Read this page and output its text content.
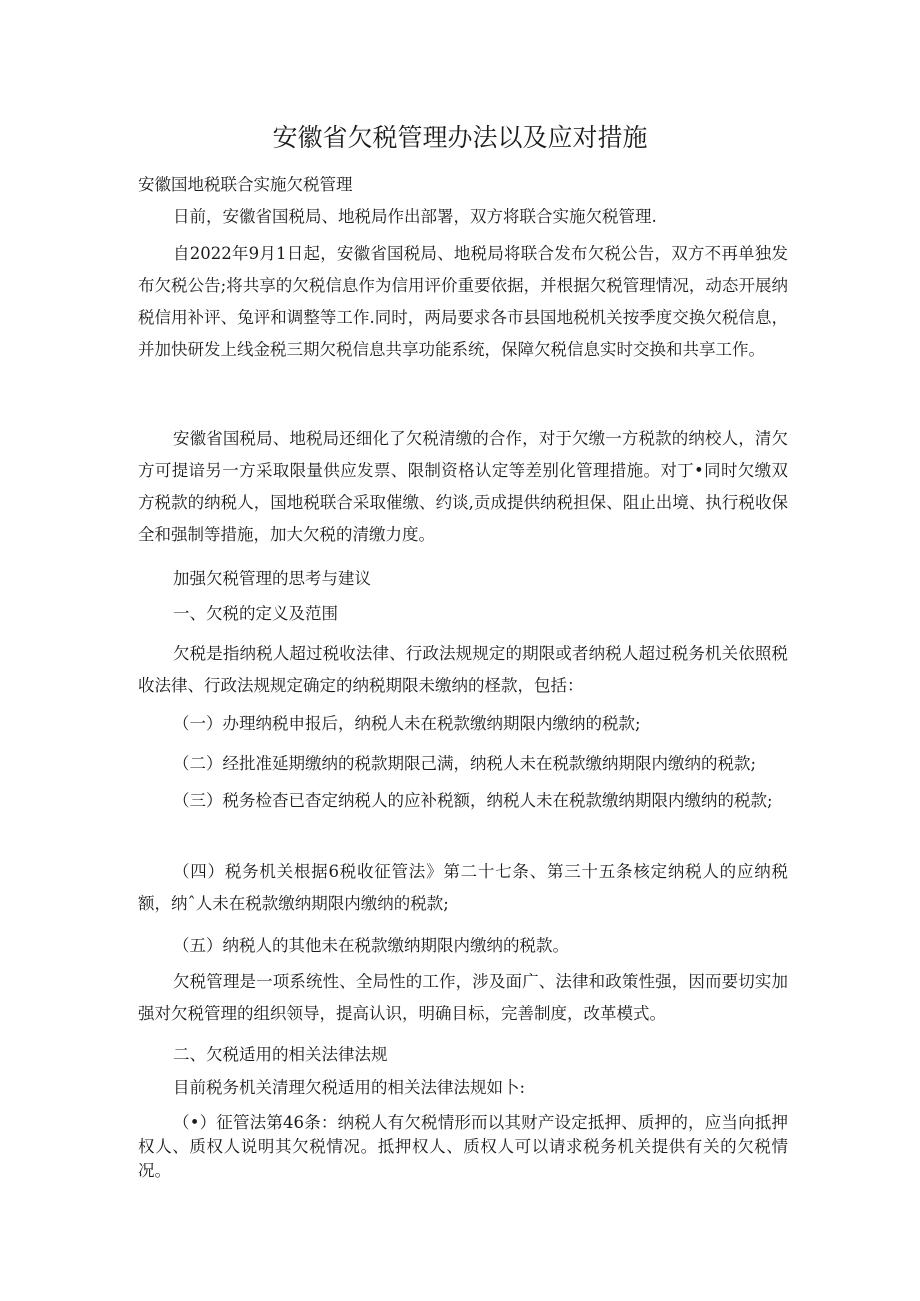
安徽省欠税管理办法以及应对措施

安徽国地税联合实施欠税管理

日前，安徽省国税局、地税局作出部署，双方将联合实施欠税管理.

自2022年9月1日起，安徽省国税局、地税局将联合发布欠税公告，双方不再单独发布欠税公告;将共享的欠税信息作为信用评价重要依据，并根据欠税管理情况，动态开展纳税信用补评、兔评和调整等工作.同时，两局要求各市县国地税机关按季度交换欠税信息，并加快研发上线金税三期欠税信息共享功能系统，保障欠税信息实时交换和共享工作。

安徽省国税局、地税局还细化了欠税清缴的合作，对于欠缴一方税款的纳校人，清欠方可提谙另一方采取限量供应发票、限制资格认定等差别化管理措施。对丁•同时欠缴双方税款的纳税人，国地税联合采取催缴、约谈,贡成提供纳税担保、阻止出境、执行税收保全和强制等措施，加大欠税的清缴力度。

加强欠税管理的思考与建议

一、欠税的定义及范围

欠税是指纳税人超过税收法律、行政法规规定的期限或者纳税人超过税务机关依照税收法律、行政法规规定确定的纳税期限未缴纳的柽款，包括：

（一）办理纳税申报后，纳税人未在税款缴纳期限内缴纳的税款;

（二）经批准延期缴纳的税款期限己满，纳税人未在税款缴纳期限内缴纳的税款;

（三）税务检杳已杳定纳税人的应补税额，纳税人未在税款缴纳期限内缴纳的税款;

（四）税务机关根据6税收征管法》第二十七条、第三十五条核定纳税人的应纳税额，纳ˆ人未在税款缴纳期限内缴纳的税款;

（五）纳税人的其他未在税款缴纳期限内缴纳的税款。

欠税管理是一项系统性、全局性的工作，涉及面广、法律和政策性强，因而要切实加强对欠税管理的组织领导，提高认识，明确目标，完善制度，改革模式。

二、欠税适用的相关法律法规

目前税务机关清理欠税适用的相关法律法规如卜:

（•）征管法第46条：纳税人有欠税情形而以其财产设定抵押、质押的，应当向抵押权人、质权人说明其欠税情况。抵押权人、质权人可以请求税务机关提供有关的欠税情况。
